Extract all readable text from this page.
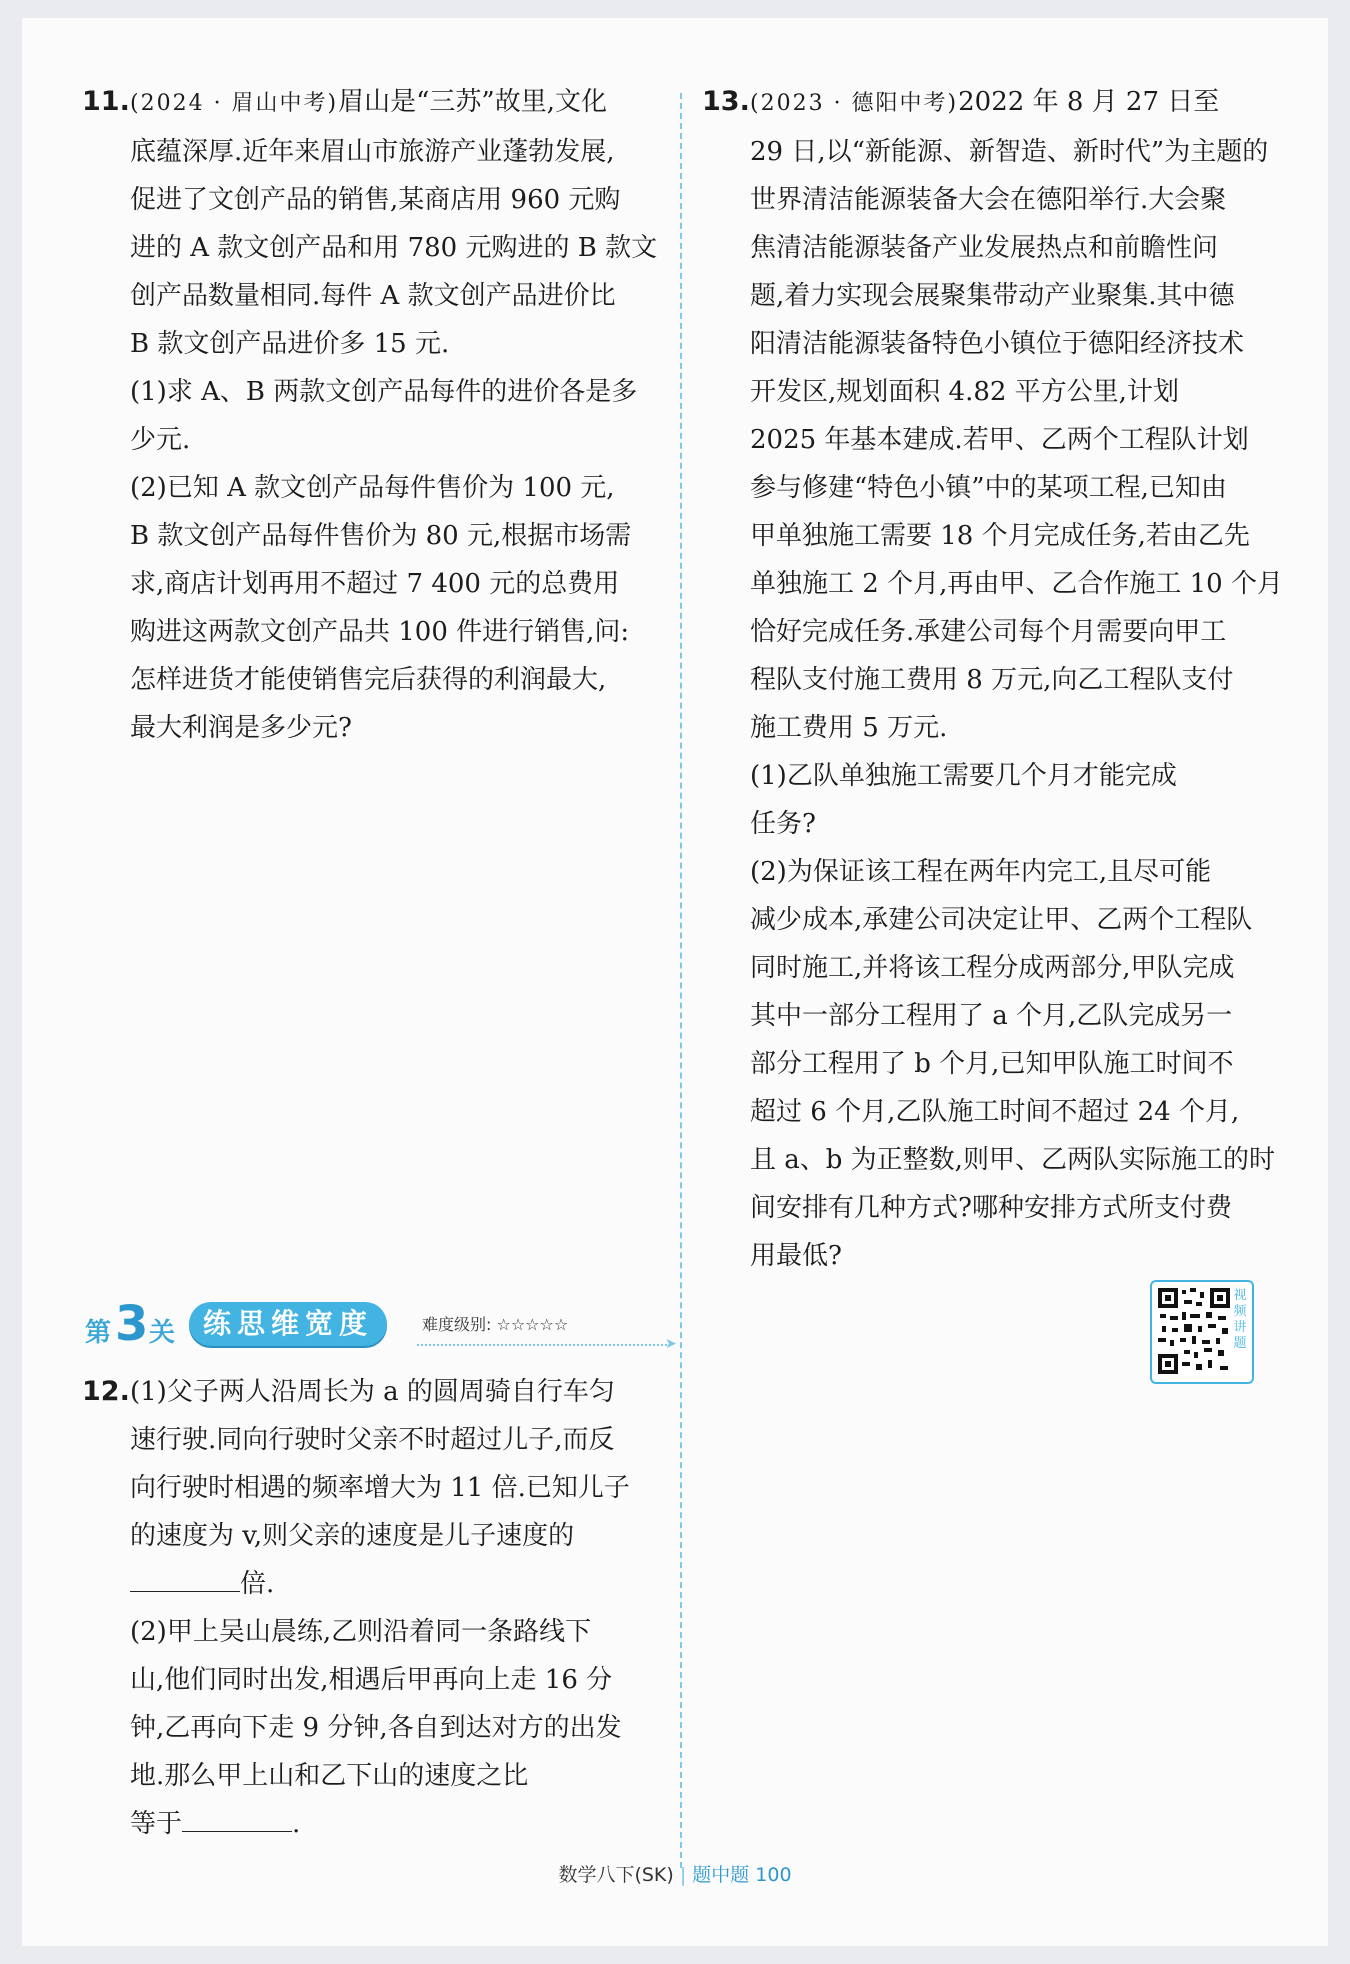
11.(2024 · 眉山中考)眉山是“三苏”故里,文化
底蕴深厚.近年来眉山市旅游产业蓬勃发展,
促进了文创产品的销售,某商店用 960 元购
进的 A 款文创产品和用 780 元购进的 B 款文
创产品数量相同.每件 A 款文创产品进价比
B 款文创产品进价多 15 元.
(1)求 A、B 两款文创产品每件的进价各是多
少元.
(2)已知 A 款文创产品每件售价为 100 元,
B 款文创产品每件售价为 80 元,根据市场需
求,商店计划再用不超过 7 400 元的总费用
购进这两款文创产品共 100 件进行销售,问:
怎样进货才能使销售完后获得的利润最大,
最大利润是多少元?
第 3 关 练思维宽度	难度级别: ☆☆☆☆☆
➤
12.(1)父子两人沿周长为 a 的圆周骑自行车匀
速行驶.同向行驶时父亲不时超过儿子,而反
向行驶时相遇的频率增大为 11 倍.已知儿子
的速度为 v,则父亲的速度是儿子速度的
倍.
(2)甲上吴山晨练,乙则沿着同一条路线下
山,他们同时出发,相遇后甲再向上走 16 分
钟,乙再向下走 9 分钟,各自到达对方的出发
地.那么甲上山和乙下山的速度之比
等于	.
13.(2023 · 德阳中考)2022 年 8 月 27 日至
29 日,以“新能源、新智造、新时代”为主题的
世界清洁能源装备大会在德阳举行.大会聚
焦清洁能源装备产业发展热点和前瞻性问
题,着力实现会展聚集带动产业聚集.其中德
阳清洁能源装备特色小镇位于德阳经济技术
开发区,规划面积 4.82 平方公里,计划
2025 年基本建成.若甲、乙两个工程队计划
参与修建“特色小镇”中的某项工程,已知由
甲单独施工需要 18 个月完成任务,若由乙先
单独施工 2 个月,再由甲、乙合作施工 10 个月
恰好完成任务.承建公司每个月需要向甲工
程队支付施工费用 8 万元,向乙工程队支付
施工费用 5 万元.
(1)乙队单独施工需要几个月才能完成
任务?
(2)为保证该工程在两年内完工,且尽可能
减少成本,承建公司决定让甲、乙两个工程队
同时施工,并将该工程分成两部分,甲队完成
其中一部分工程用了 a 个月,乙队完成另一
部分工程用了 b 个月,已知甲队施工时间不
超过 6 个月,乙队施工时间不超过 24 个月,
且 a、b 为正整数,则甲、乙两队实际施工的时
间安排有几种方式?哪种安排方式所支付费
用最低?
视频讲题
数学八下(SK) | 题中题 100
